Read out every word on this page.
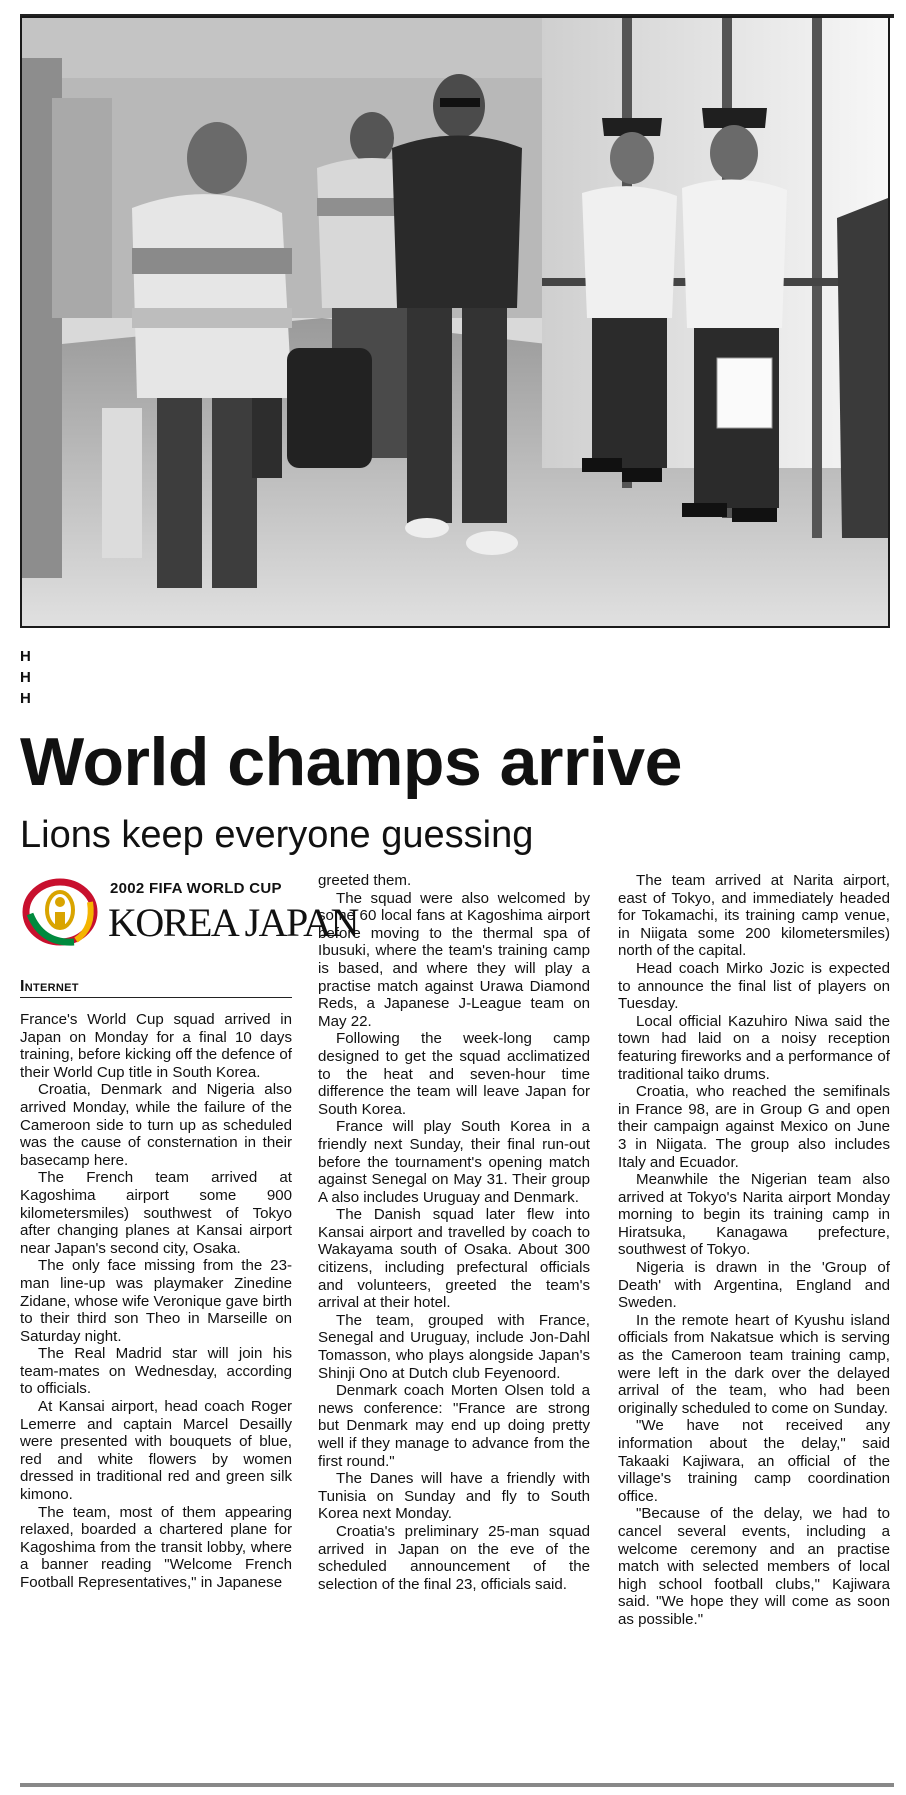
H
H
H
World champs arrive
Lions keep everyone guessing
2002 FIFA WORLD CUP
KOREA JAPAN
Internet

France's World Cup squad arrived in Japan on Monday for a final 10 days training, before kicking off the defence of their World Cup title in South Korea.

Croatia, Denmark and Nigeria also arrived Monday, while the failure of the Cameroon side to turn up as scheduled was the cause of consternation in their basecamp here.

The French team arrived at Kagoshima airport some 900 kilometersmiles) southwest of Tokyo after changing planes at Kansai airport near Japan's second city, Osaka.

The only face missing from the 23-man line-up was playmaker Zinedine Zidane, whose wife Veronique gave birth to their third son Theo in Marseille on Saturday night.

The Real Madrid star will join his team-mates on Wednesday, according to officials.

At Kansai airport, head coach Roger Lemerre and captain Marcel Desailly were presented with bouquets of blue, red and white flowers by women dressed in traditional red and green silk kimono.

The team, most of them appearing relaxed, boarded a chartered plane for Kagoshima from the transit lobby, where a banner reading "Welcome French Football Representatives," in Japanese

greeted them.

The squad were also welcomed by some 60 local fans at Kagoshima airport before moving to the thermal spa of Ibusuki, where the team's training camp is based, and where they will play a practise match against Urawa Diamond Reds, a Japanese J-League team on May 22.

Following the week-long camp designed to get the squad acclimatized to the heat and seven-hour time difference the team will leave Japan for South Korea.

France will play South Korea in a friendly next Sunday, their final run-out before the tournament's opening match against Senegal on May 31. Their group A also includes Uruguay and Denmark.

The Danish squad later flew into Kansai airport and travelled by coach to Wakayama south of Osaka. About 300 citizens, including prefectural officials and volunteers, greeted the team's arrival at their hotel.

The team, grouped with France, Senegal and Uruguay, include Jon-Dahl Tomasson, who plays alongside Japan's Shinji Ono at Dutch club Feyenoord.

Denmark coach Morten Olsen told a news conference: "France are strong but Denmark may end up doing pretty well if they manage to advance from the first round."

The Danes will have a friendly with Tunisia on Sunday and fly to South Korea next Monday.

Croatia's preliminary 25-man squad arrived in Japan on the eve of the scheduled announcement of the selection of the final 23, officials said.

The team arrived at Narita airport, east of Tokyo, and immediately headed for Tokamachi, its training camp venue, in Niigata some 200 kilometersmiles) north of the capital.

Head coach Mirko Jozic is expected to announce the final list of players on Tuesday.

Local official Kazuhiro Niwa said the town had laid on a noisy reception featuring fireworks and a performance of traditional taiko drums.

Croatia, who reached the semifinals in France 98, are in Group G and open their campaign against Mexico on June 3 in Niigata. The group also includes Italy and Ecuador.

Meanwhile the Nigerian team also arrived at Tokyo's Narita airport Monday morning to begin its training camp in Hiratsuka, Kanagawa prefecture, southwest of Tokyo.

Nigeria is drawn in the 'Group of Death' with Argentina, England and Sweden.

In the remote heart of Kyushu island officials from Nakatsue which is serving as the Cameroon team training camp, were left in the dark over the delayed arrival of the team, who had been originally scheduled to come on Sunday.

"We have not received any information about the delay," said Takaaki Kajiwara, an official of the village's training camp coordination office.

"Because of the delay, we had to cancel several events, including a welcome ceremony and an practise match with selected members of local high school football clubs," Kajiwara said. "We hope they will come as soon as possible."
